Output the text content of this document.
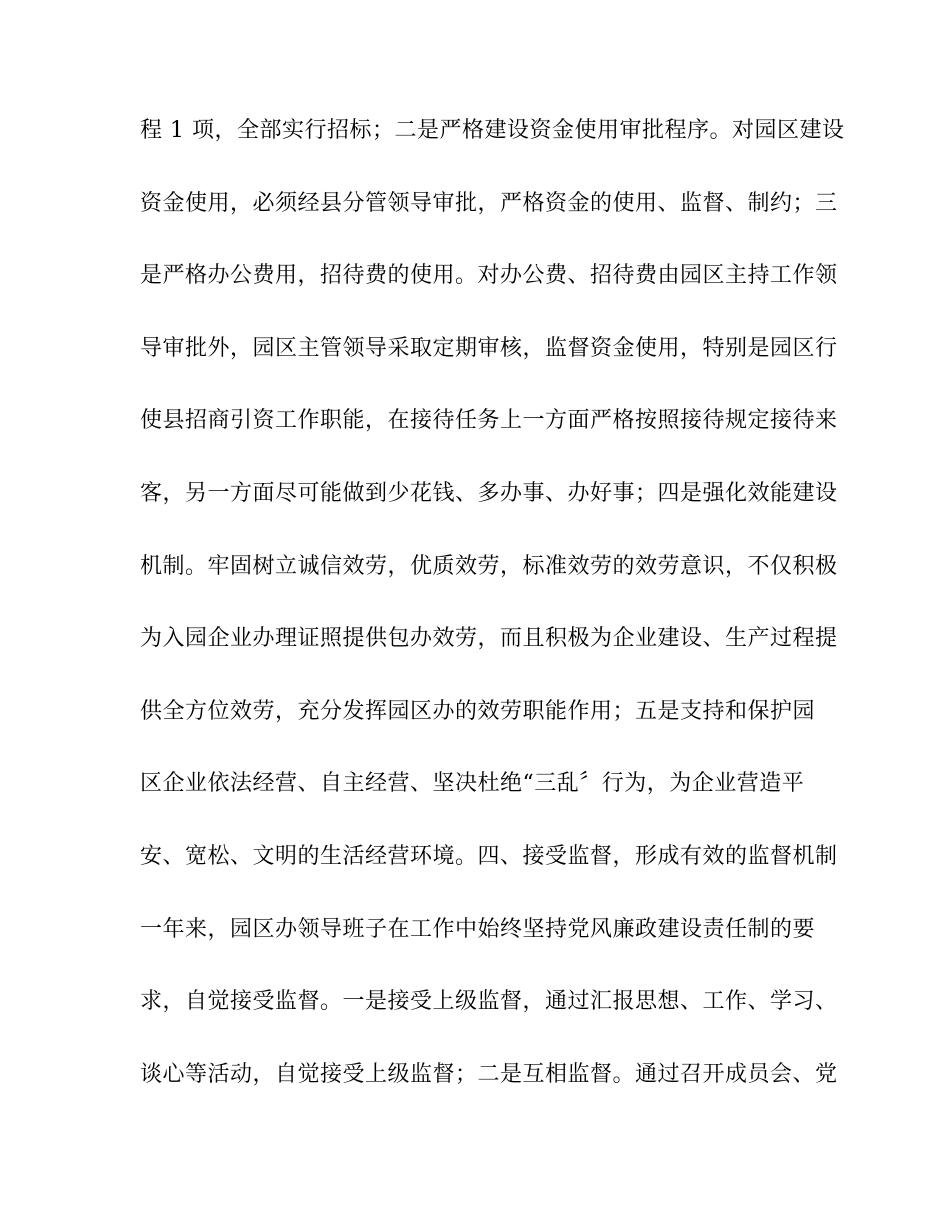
程 1 项，全部实行招标；二是严格建设资金使用审批程序。对园区建设
资金使用，必须经县分管领导审批，严格资金的使用、监督、制约；三
是严格办公费用，招待费的使用。对办公费、招待费由园区主持工作领
导审批外，园区主管领导采取定期审核，监督资金使用，特别是园区行
使县招商引资工作职能，在接待任务上一方面严格按照接待规定接待来
客，另一方面尽可能做到少花钱、多办事、办好事；四是强化效能建设
机制。牢固树立诚信效劳，优质效劳，标准效劳的效劳意识，不仅积极
为入园企业办理证照提供包办效劳，而且积极为企业建设、生产过程提
供全方位效劳，充分发挥园区办的效劳职能作用；五是支持和保护园
区企业依法经营、自主经营、坚决杜绝“三乱〞行为，为企业营造平
安、宽松、文明的生活经营环境。四、接受监督，形成有效的监督机制
一年来，园区办领导班子在工作中始终坚持党风廉政建设责任制的要
求，自觉接受监督。一是接受上级监督，通过汇报思想、工作、学习、
谈心等活动，自觉接受上级监督；二是互相监督。通过召开成员会、党
